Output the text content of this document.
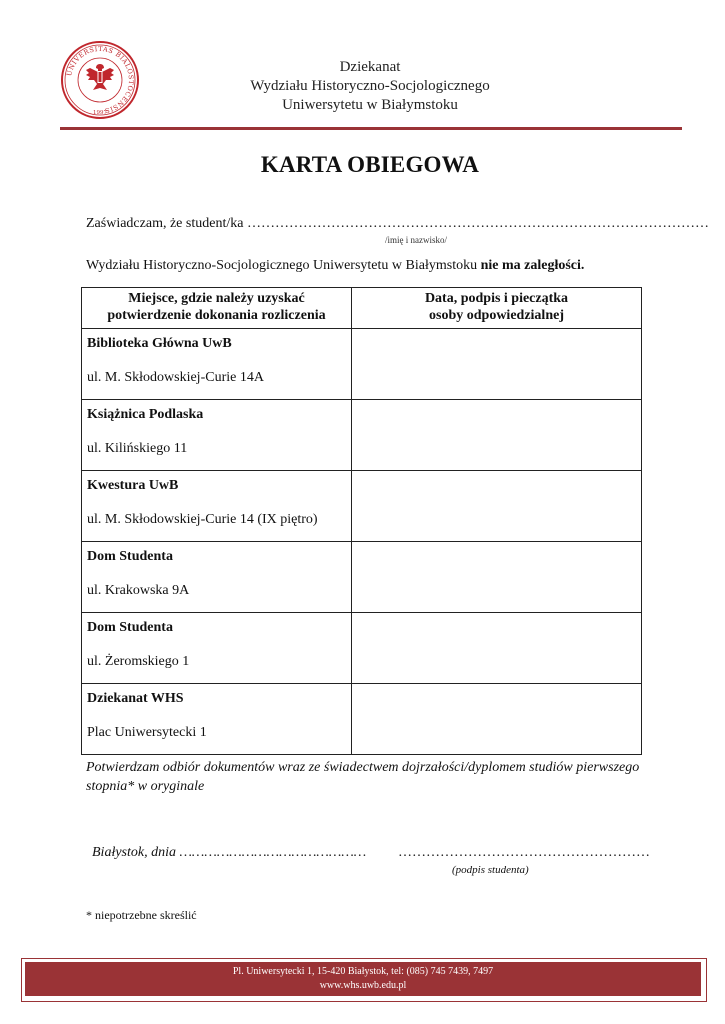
UNIVERSITAS BIALOSTOCENSIS
1997
Dziekanat
Wydziału Historyczno-Socjologicznego
Uniwersytetu w Białymstoku
KARTA OBIEGOWA
Zaświadczam, że student/ka ………………………………………………………………………………………
/imię i nazwisko/
Wydziału Historyczno-Socjologicznego Uniwersytetu w Białymstoku nie ma zaległości.
Miejsce, gdzie należy uzyskać
potwierdzenie dokonania rozliczenia	Data, podpis i pieczątka
osoby odpowiedzialnej

Biblioteka Główna UwB
ul. M. Skłodowskiej-Curie 14A	

Książnica Podlaska
ul. Kilińskiego 11	

Kwestura UwB
ul. M. Skłodowskiej-Curie 14 (IX piętro)	

Dom Studenta
ul. Krakowska 9A	

Dom Studenta
ul. Żeromskiego 1	

Dziekanat WHS
Plac Uniwersytecki 1	

Potwierdzam odbiór dokumentów wraz ze świadectwem dojrzałości/dyplomem studiów pierwszego stopnia* w oryginale
Białystok, dnia ……………………………………… ………………………………………………
(podpis studenta)
* niepotrzebne skreślić
Pl. Uniwersytecki 1, 15-420 Białystok, tel: (085) 745 7439, 7497
www.whs.uwb.edu.pl
